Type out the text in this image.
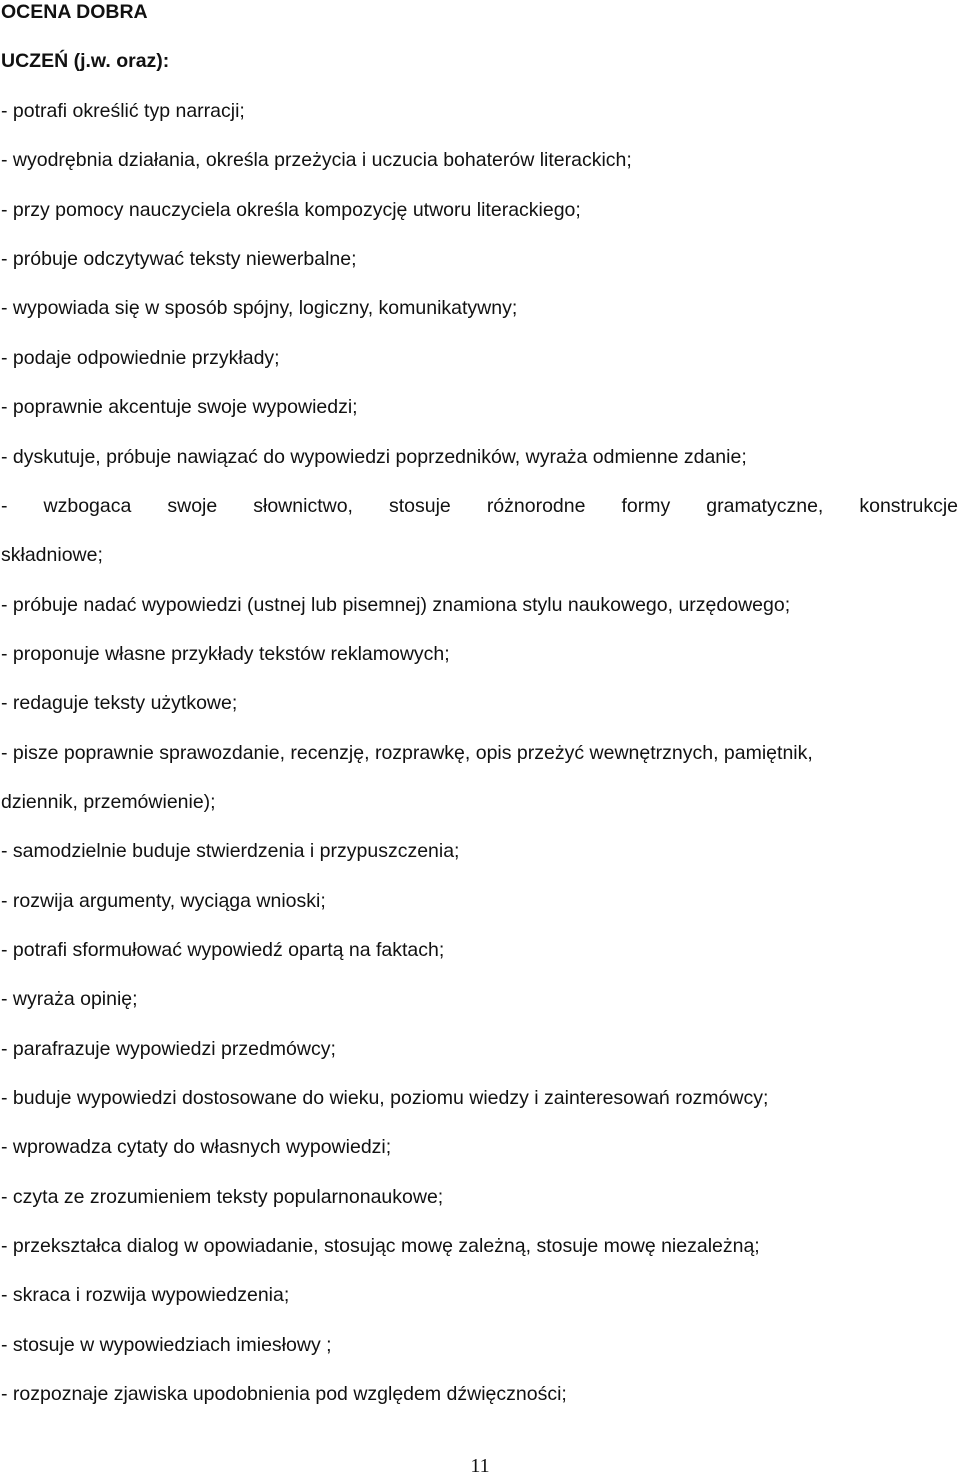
OCENA DOBRA
UCZEŃ (j.w. oraz):
- potrafi określić typ narracji;
- wyodrębnia działania, określa przeżycia i uczucia bohaterów literackich;
- przy pomocy nauczyciela określa kompozycję utworu literackiego;
- próbuje odczytywać teksty niewerbalne;
- wypowiada się w sposób spójny, logiczny, komunikatywny;
- podaje odpowiednie przykłady;
- poprawnie akcentuje swoje wypowiedzi;
- dyskutuje, próbuje nawiązać do wypowiedzi poprzedników, wyraża odmienne zdanie;
- wzbogaca swoje słownictwo, stosuje różnorodne formy gramatyczne, konstrukcje
składniowe;
- próbuje nadać wypowiedzi (ustnej lub pisemnej) znamiona stylu naukowego, urzędowego;
- proponuje własne przykłady tekstów reklamowych;
- redaguje teksty użytkowe;
- pisze poprawnie sprawozdanie, recenzję, rozprawkę, opis przeżyć wewnętrznych, pamiętnik,
dziennik, przemówienie);
- samodzielnie buduje stwierdzenia i przypuszczenia;
- rozwija argumenty, wyciąga wnioski;
- potrafi sformułować wypowiedź opartą na faktach;
- wyraża opinię;
- parafrazuje wypowiedzi przedmówcy;
- buduje wypowiedzi dostosowane do wieku, poziomu wiedzy i zainteresowań rozmówcy;
- wprowadza cytaty do własnych wypowiedzi;
- czyta ze zrozumieniem teksty popularnonaukowe;
- przekształca dialog w opowiadanie, stosując mowę zależną, stosuje mowę niezależną;
- skraca i rozwija wypowiedzenia;
- stosuje w wypowiedziach imiesłowy ;
- rozpoznaje zjawiska upodobnienia pod względem dźwięczności;
11
